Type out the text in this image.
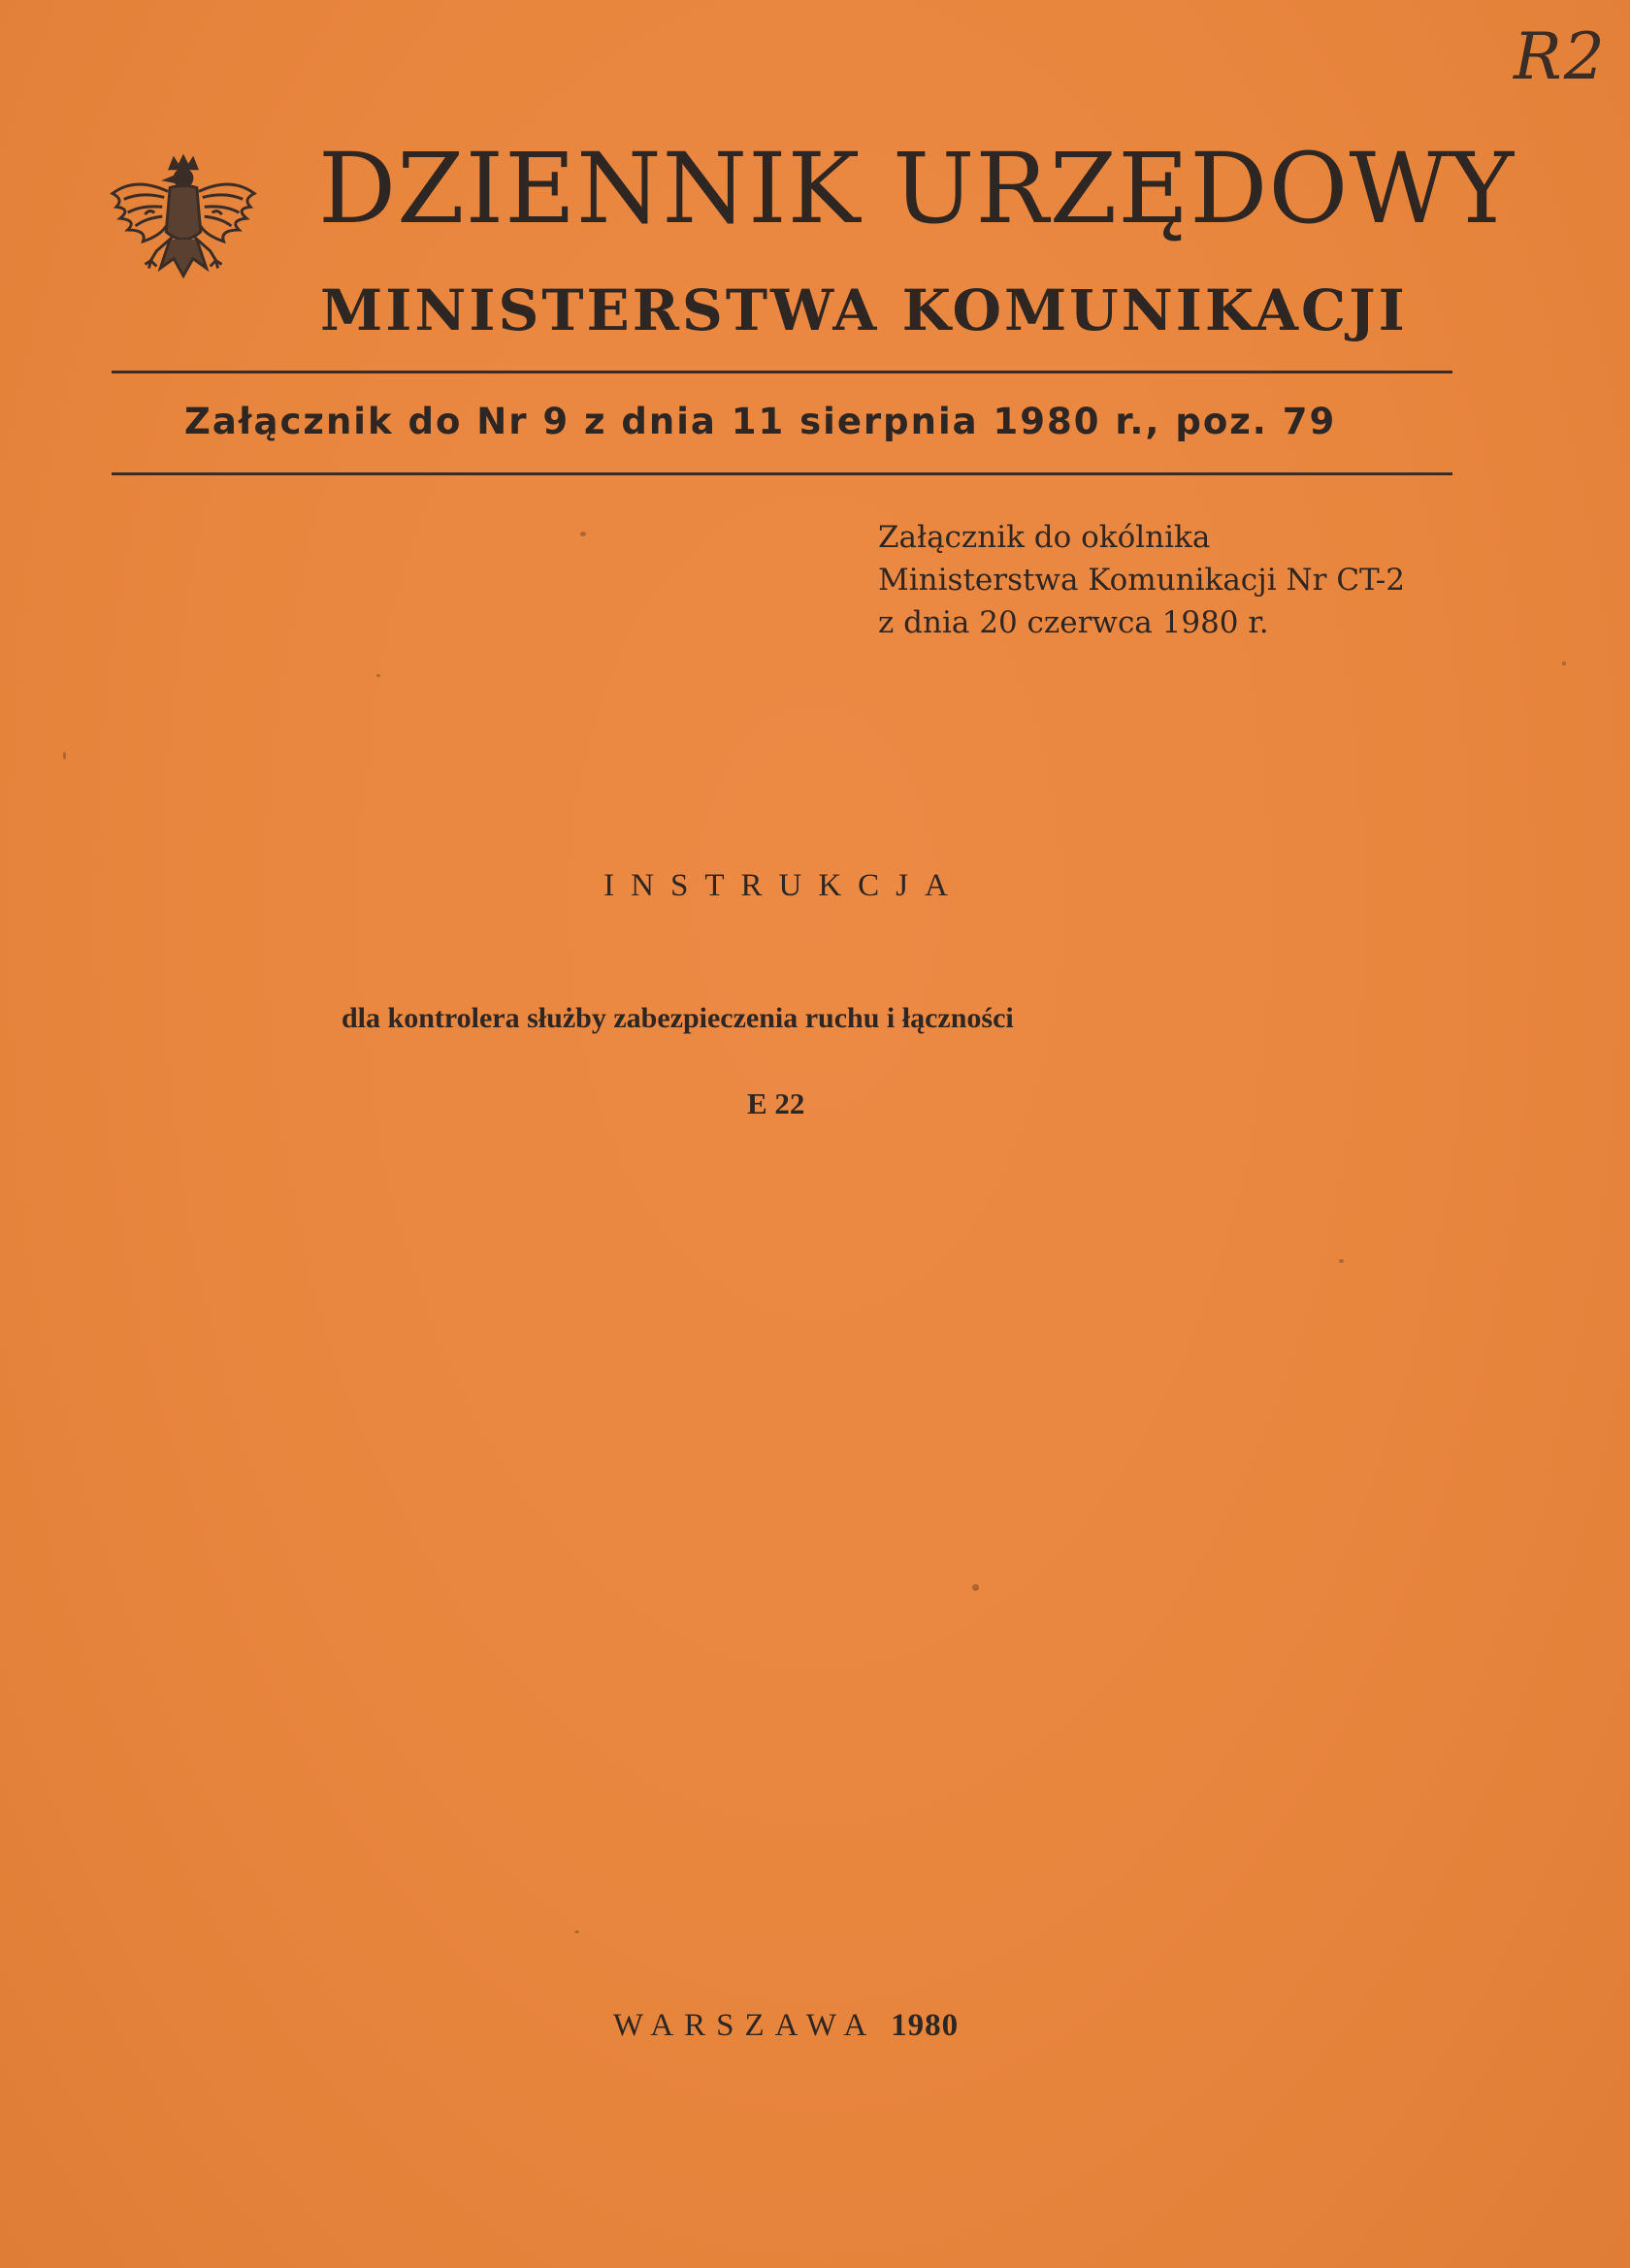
R2
DZIENNIK URZĘDOWY
MINISTERSTWA KOMUNIKACJI
Załącznik do Nr 9 z dnia 11 sierpnia 1980 r., poz. 79
Załącznik do okólnika
Ministerstwa Komunikacji Nr CT-2
z dnia 20 czerwca 1980 r.
INSTRUKCJA
dla kontrolera służby zabezpieczenia ruchu i łączności
E 22
WARSZAWA 1980
